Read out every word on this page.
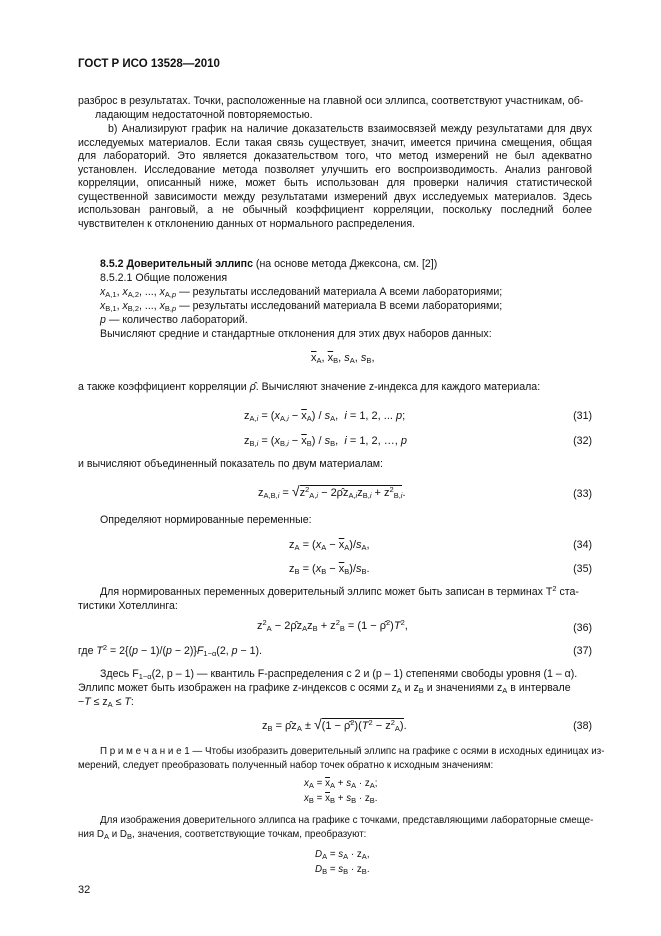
ГОСТ Р ИСО 13528—2010
разброс в результатах. Точки, расположенные на главной оси эллипса, соответствуют участникам, об-
ладающим недостаточной повторяемостью.
b) Анализируют график на наличие доказательств взаимосвязей между результатами для двух исследуемых материалов. Если такая связь существует, значит, имеется причина смещения, общая для лабораторий. Это является доказательством того, что метод измерений не был адекватно установлен. Исследование метода позволяет улучшить его воспроизводимость. Анализ ранговой корреляции, описанный ниже, может быть использован для проверки наличия статистической существенной зависимости между результатами измерений двух исследуемых материалов. Здесь использован ранговый, а не обычный коэффициент корреляции, поскольку последний более чувствителен к отклонению данных от нормального распределения.
8.5.2 Доверительный эллипс (на основе метода Джексона, см. [2])
8.5.2.1 Общие положения
$x_{A,1}$, $x_{A,2}$, ..., $x_{A,p}$ — результаты исследований материала А всеми лабораториями;
$x_{B,1}$, $x_{B,2}$, ..., $x_{B,p}$ — результаты исследований материала В всеми лабораториями;
p — количество лабораторий.
Вычисляют средние и стандартные отклонения для этих двух наборов данных:
$\overline{x}_A$, $\overline{x}_B$, $s_A$, $s_B$,
а также коэффициент корреляции ρ̂. Вычисляют значение z-индекса для каждого материала:
$z_{A,i} = (x_{A,i} - \overline{x}_A) / s_A$,  i = 1, 2, ... p;	(31)
$z_{B,i} = (x_{B,i} - \overline{x}_B) / s_B$,  i = 1, 2, …, p	(32)
и вычисляют объединенный показатель по двум материалам:
$z_{A,B,i} = √z^2_{A,i}$ − $2\rhôz_{A,i}z_{B,i} + z^2_{B,i}$.	(33)
Определяют нормированные переменные:
$z_A = (x_A - \overline{x}_A)/s_A$,	(34)
$z_B = (x_B - \overline{x}_B)/s_B$.	(35)
Для нормированных переменных доверительный эллипс может быть записан в терминах $T^2$ ста-
тистики Хотеллинга:
$z^2_A$ − $2\rhôz_Az_B + z^2_B = (1$ − $\rhô^2)T^2$,	(36)
где $T^2 = 2\{(p - 1)/(p - 2)\}F_{1-\alpha}(2$, p − 1).	(37)
Здесь $F_{1-\alpha}(2$, p – 1) — квантиль F-распределения с 2 и (p – 1) степенями свободы уровня (1 – α).
Эллипс может быть изображен на графике z-индексов с осями $z_A$ и $z_B$ и значениями $z_A$ в интервале
$-T \le z_A \le T$:
$z_B$ = $\rhôz_A \pm √(1$ − $\rhô^2)(T^2 - z^2_A)$.	(38)
П р и м е ч а н и е 1 — Чтобы изобразить доверительный эллипс на графике с осями в исходных единицах из-
мерений, следует преобразовать полученный набор точек обратно к исходным значениям:
$x_A = \overline{x}_A + s_A \cdot z_A$;
$x_B = \overline{x}_B + s_B \cdot z_B$.
Для изображения доверительного эллипса на графике с точками, представляющими лабораторные смеще-
ния $D_A$ и $D_B$, значения, соответствующие точкам, преобразуют:
$D_A = s_A \cdot z_A$,
$D_B = s_B \cdot z_B$.
32
